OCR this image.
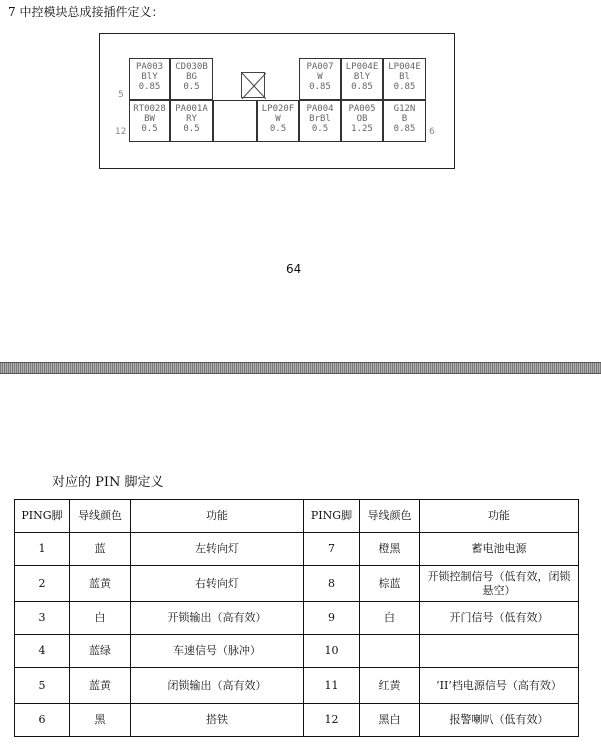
7 中控模块总成接插件定义：
PA003
BlY
0.85
CD030B
BG
0.5
PA007
W
0.85
LP004E
BlY
0.85
LP004E
Bl
0.85
RT0028
BW
0.5
PA001A
RY
0.5
LP020F
W
0.5
PA004
BrBl
0.5
PA005
OB
1.25
G12N
B
0.85
5
12	6
64
对应的 PIN 脚定义
PING脚	导线颜色	功能	PING脚	导线颜色	功能
1	蓝	左转向灯	7	橙黑	蓄电池电源
2	蓝黄	右转向灯	8	棕蓝	开锁控制信号（低有效，闭锁悬空）
3	白	开锁输出（高有效）	9	白	开门信号（低有效）
4	蓝绿	车速信号（脉冲）	10		
5	蓝黄	闭锁输出（高有效）	11	红黄	‘II’档电源信号（高有效）
6	黑	搭铁	12	黑白	报警喇叭（低有效）
